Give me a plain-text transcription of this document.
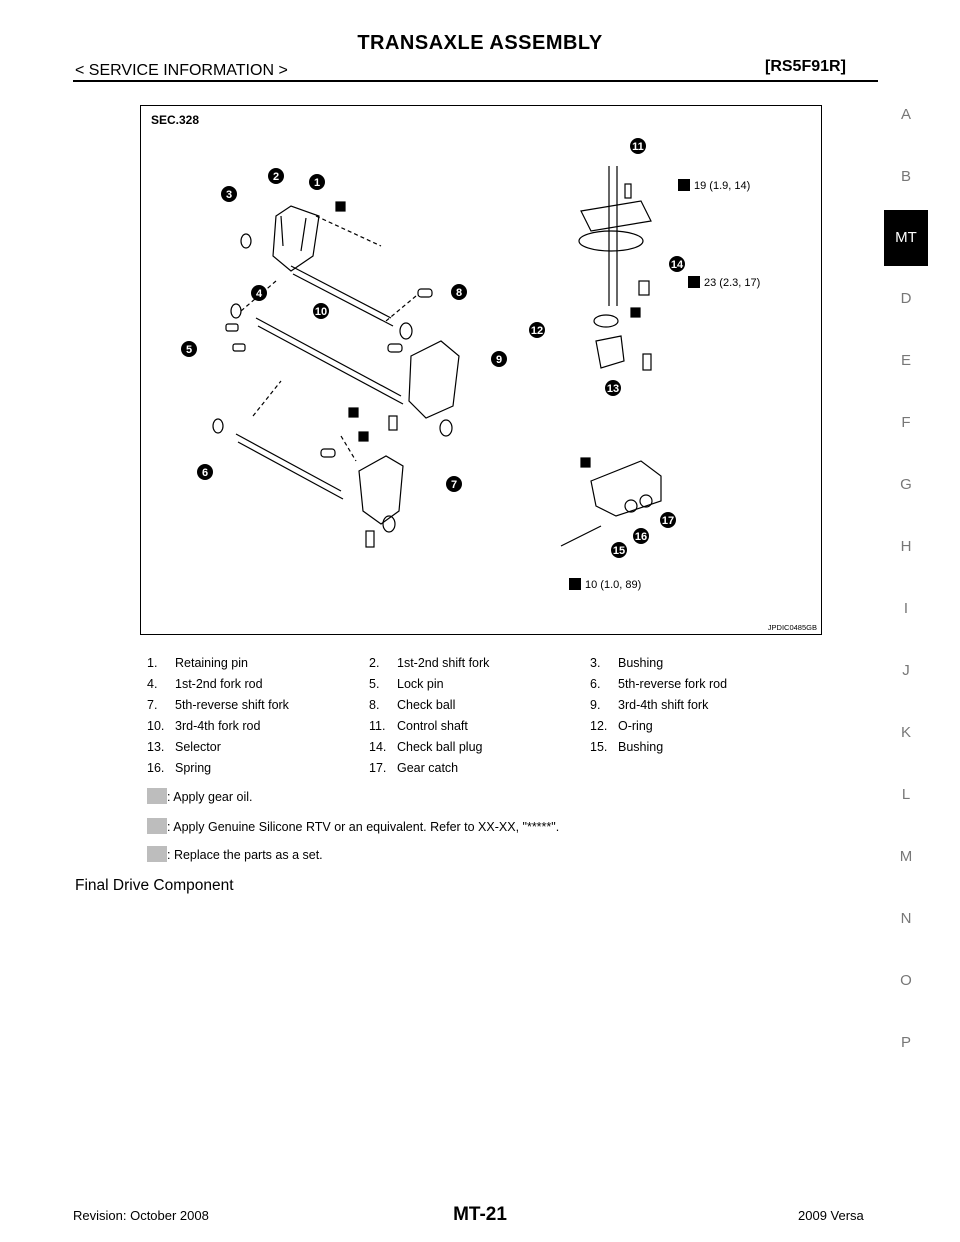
TRANSAXLE ASSEMBLY
< SERVICE INFORMATION >	[RS5F91R]
A
B
MT
D
E
F
G
H
I
J
K
L
M
N
O
P
SEC.328
19 (1.9, 14)
23 (2.3, 17)
10 (1.0, 89)
1
2
3
4
5
6
7
8
9
10
11
12
13
14
15
16
17
JPDIC0485GB
1. Retaining pin	2. 1st-2nd shift fork	3. Bushing
4. 1st-2nd fork rod	5. Lock pin	6. 5th-reverse fork rod
7. 5th-reverse shift fork	8. Check ball	9. 3rd-4th shift fork
10. 3rd-4th fork rod	11. Control shaft	12. O-ring
13. Selector	14. Check ball plug	15. Bushing
16. Spring	17. Gear catch
: Apply gear oil.
: Apply Genuine Silicone RTV or an equivalent. Refer to XX-XX, "*****".
: Replace the parts as a set.
Final Drive Component
Revision: October 2008	MT-21	2009 Versa
